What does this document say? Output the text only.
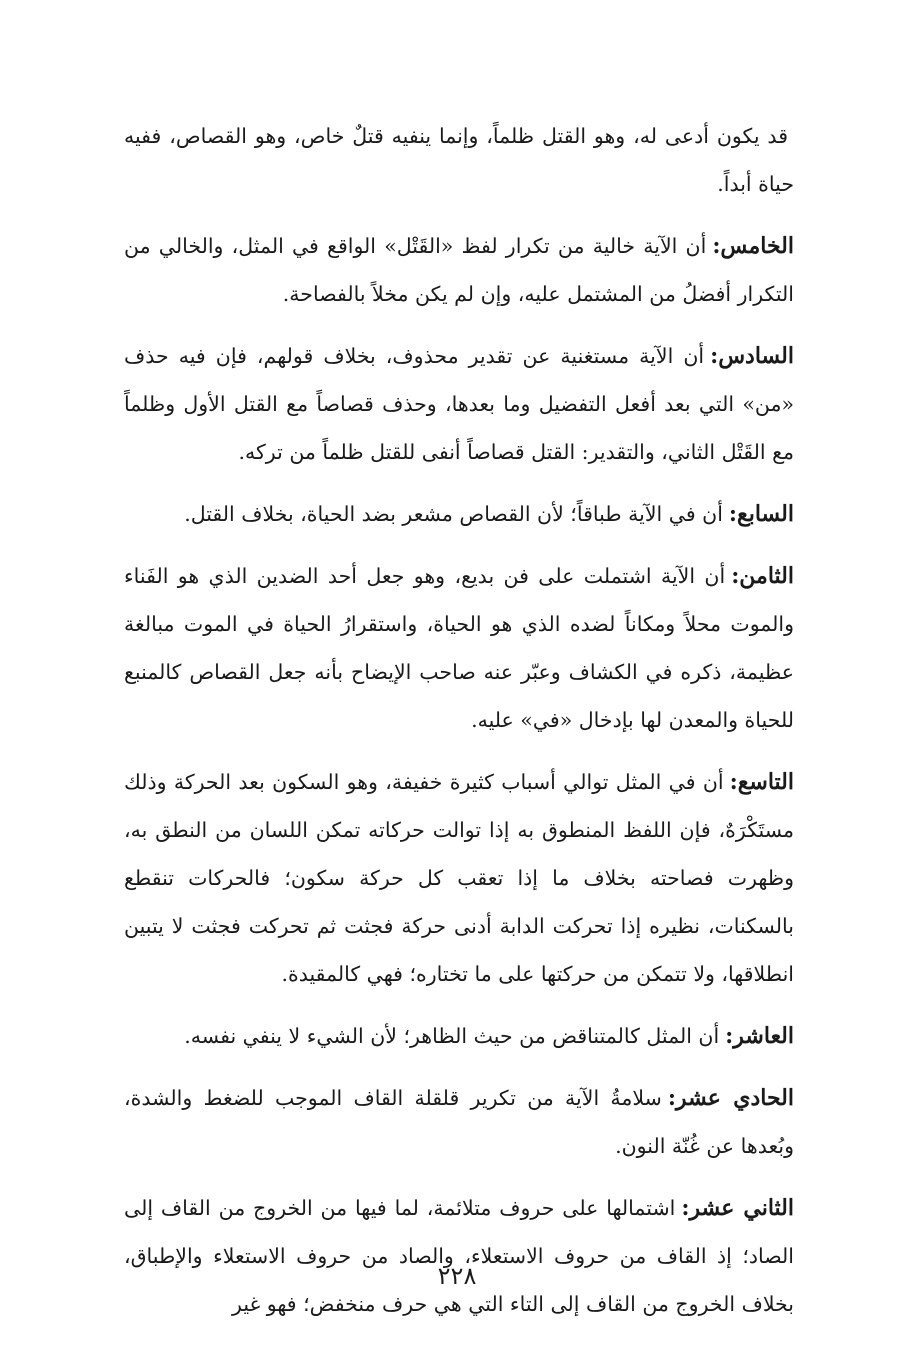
قد يكون أدعى له، وهو القتل ظلماً، وإنما ينفيه قتلٌ خاص، وهو القصاص، ففيه حياة أبداً.

الخامس:أن الآية خالية من تكرار لفظ «القَتْل» الواقع في المثل، والخالي من التكرار أفضلُ من المشتمل عليه، وإن لم يكن مخلاً بالفصاحة.

السادس:أن الآية مستغنية عن تقدير محذوف، بخلاف قولهم، فإن فيه حذف «من» التي بعد أفعل التفضيل وما بعدها، وحذف قصاصاً مع القتل الأول وظلماً مع القَتْل الثاني، والتقدير: القتل قصاصاً أنفى للقتل ظلماً من تركه.

السابع:أن في الآية طباقاً؛ لأن القصاص مشعر بضد الحياة، بخلاف القتل.

الثامن:أن الآية اشتملت على فن بديع، وهو جعل أحد الضدين الذي هو الفَناء والموت محلاً ومكاناً لضده الذي هو الحياة، واستقرارُ الحياة في الموت مبالغة عظيمة، ذكره في الكشاف وعبّر عنه صاحب الإيضاح بأنه جعل القصاص كالمنبع للحياة والمعدن لها بإدخال «في» عليه.

التاسع:أن في المثل توالي أسباب كثيرة خفيفة، وهو السكون بعد الحركة وذلك مستَكْرَهٌ، فإن اللفظ المنطوق به إذا توالت حركاته تمكن اللسان من النطق به، وظهرت فصاحته بخلاف ما إذا تعقب كل حركة سكون؛ فالحركات تنقطع بالسكنات، نظيره إذا تحركت الدابة أدنى حركة فجثت ثم تحركت فجثت لا يتبين انطلاقها، ولا تتمكن من حركتها على ما تختاره؛ فهي كالمقيدة.

العاشر:أن المثل كالمتناقض من حيث الظاهر؛ لأن الشيء لا ينفي نفسه.

الحادي عشر:سلامةُ الآية من تكرير قلقلة القاف الموجب للضغط والشدة، وبُعدها عن غُنّة النون.

الثاني عشر:اشتمالها على حروف متلائمة، لما فيها من الخروج من القاف إلى الصاد؛ إذ القاف من حروف الاستعلاء، والصاد من حروف الاستعلاء والإطباق، بخلاف الخروج من القاف إلى التاء التي هي حرف منخفض؛ فهو غير

٢٢٨
